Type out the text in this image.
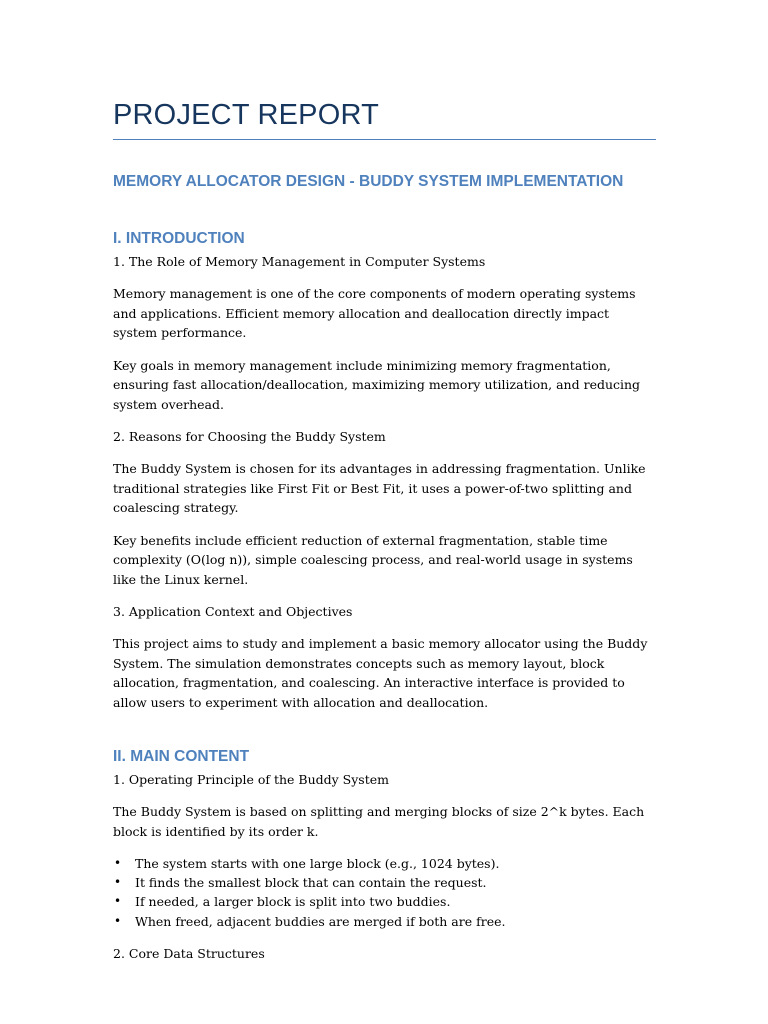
PROJECT REPORT
MEMORY ALLOCATOR DESIGN - BUDDY SYSTEM IMPLEMENTATION
I. INTRODUCTION

1. The Role of Memory Management in Computer Systems

Memory management is one of the core components of modern operating systems and applications. Efficient memory allocation and deallocation directly impact system performance.

Key goals in memory management include minimizing memory fragmentation, ensuring fast allocation/deallocation, maximizing memory utilization, and reducing system overhead.

2. Reasons for Choosing the Buddy System

The Buddy System is chosen for its advantages in addressing fragmentation. Unlike traditional strategies like First Fit or Best Fit, it uses a power-of-two splitting and coalescing strategy.

Key benefits include efficient reduction of external fragmentation, stable time complexity (O(log n)), simple coalescing process, and real-world usage in systems like the Linux kernel.

3. Application Context and Objectives

This project aims to study and implement a basic memory allocator using the Buddy System. The simulation demonstrates concepts such as memory layout, block allocation, fragmentation, and coalescing. An interactive interface is provided to allow users to experiment with allocation and deallocation.

II. MAIN CONTENT

1. Operating Principle of the Buddy System

The Buddy System is based on splitting and merging blocks of size 2^k bytes. Each block is identified by its order k.

• The system starts with one large block (e.g., 1024 bytes).
• It finds the smallest block that can contain the request.
• If needed, a larger block is split into two buddies.
• When freed, adjacent buddies are merged if both are free.

2. Core Data Structures
